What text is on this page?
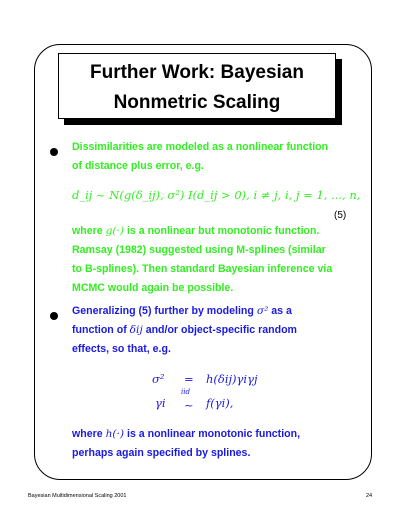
Further Work: Bayesian
Nonmetric Scaling
Dissimilarities are modeled as a nonlinear function
of distance plus error, e.g.
d_ij ~ N(g(δ_ij), σ²) I(d_ij > 0), i ≠ j, i, j = 1, ..., n,
(5)
where g(·) is a nonlinear but monotonic function.
Ramsay (1982) suggested using M-splines (similar
to B-splines). Then standard Bayesian inference via
MCMC would again be possible.
Generalizing (5) further by modeling σ² as a
function of δij and/or object-specific random
effects, so that, e.g.
σ² = h(δij)γiγj
γi
iid
~ f(γi),
where h(·) is a nonlinear monotonic function,
perhaps again specified by splines.
Bayesian Multidimensional Scaling 2001	24
